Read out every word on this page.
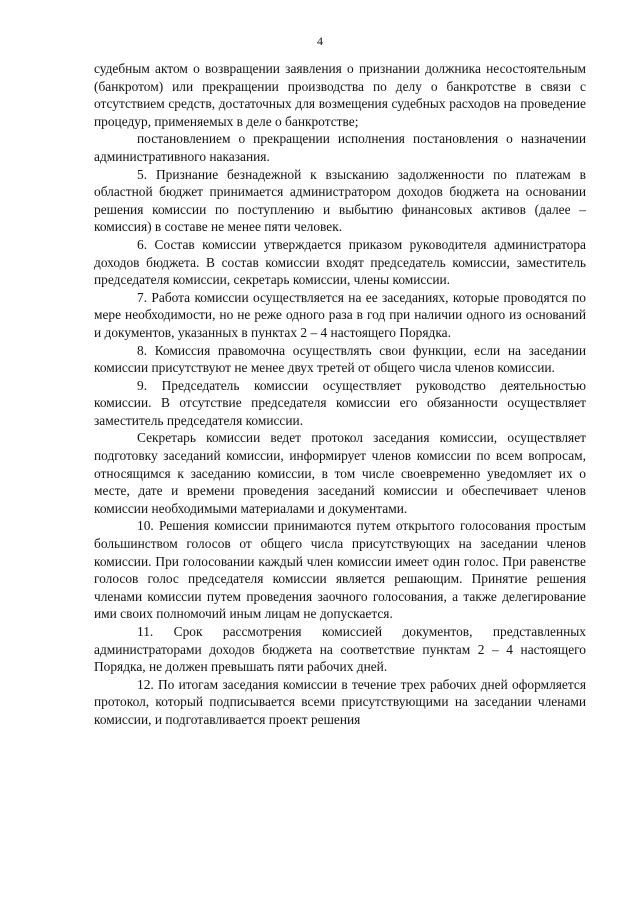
4

судебным актом о возвращении заявления о признании должника несостоятельным (банкротом) или прекращении производства по делу о банкротстве в связи с отсутствием средств, достаточных для возмещения судебных расходов на проведение процедур, применяемых в деле о банкротстве;

постановлением о прекращении исполнения постановления о назначении административного наказания.

5. Признание безнадежной к взысканию задолженности по платежам в областной бюджет принимается администратором доходов бюджета на основании решения комиссии по поступлению и выбытию финансовых активов (далее – комиссия) в составе не менее пяти человек.

6. Состав комиссии утверждается приказом руководителя администратора доходов бюджета. В состав комиссии входят председатель комиссии, заместитель председателя комиссии, секретарь комиссии, члены комиссии.

7. Работа комиссии осуществляется на ее заседаниях, которые проводятся по мере необходимости, но не реже одного раза в год при наличии одного из оснований и документов, указанных в пунктах 2 – 4 настоящего Порядка.

8. Комиссия правомочна осуществлять свои функции, если на заседании комиссии присутствуют не менее двух третей от общего числа членов комиссии.

9. Председатель комиссии осуществляет руководство деятельностью комиссии. В отсутствие председателя комиссии его обязанности осуществляет заместитель председателя комиссии.

Секретарь комиссии ведет протокол заседания комиссии, осуществляет подготовку заседаний комиссии, информирует членов комиссии по всем вопросам, относящимся к заседанию комиссии, в том числе своевременно уведомляет их о месте, дате и времени проведения заседаний комиссии и обеспечивает членов комиссии необходимыми материалами и документами.

10. Решения комиссии принимаются путем открытого голосования простым большинством голосов от общего числа присутствующих на заседании членов комиссии. При голосовании каждый член комиссии имеет один голос. При равенстве голосов голос председателя комиссии является решающим. Принятие решения членами комиссии путем проведения заочного голосования, а также делегирование ими своих полномочий иным лицам не допускается.

11. Срок рассмотрения комиссией документов, представленных администраторами доходов бюджета на соответствие пунктам 2 – 4 настоящего Порядка, не должен превышать пяти рабочих дней.

12. По итогам заседания комиссии в течение трех рабочих дней оформляется протокол, который подписывается всеми присутствующими на заседании членами комиссии, и подготавливается проект решения
